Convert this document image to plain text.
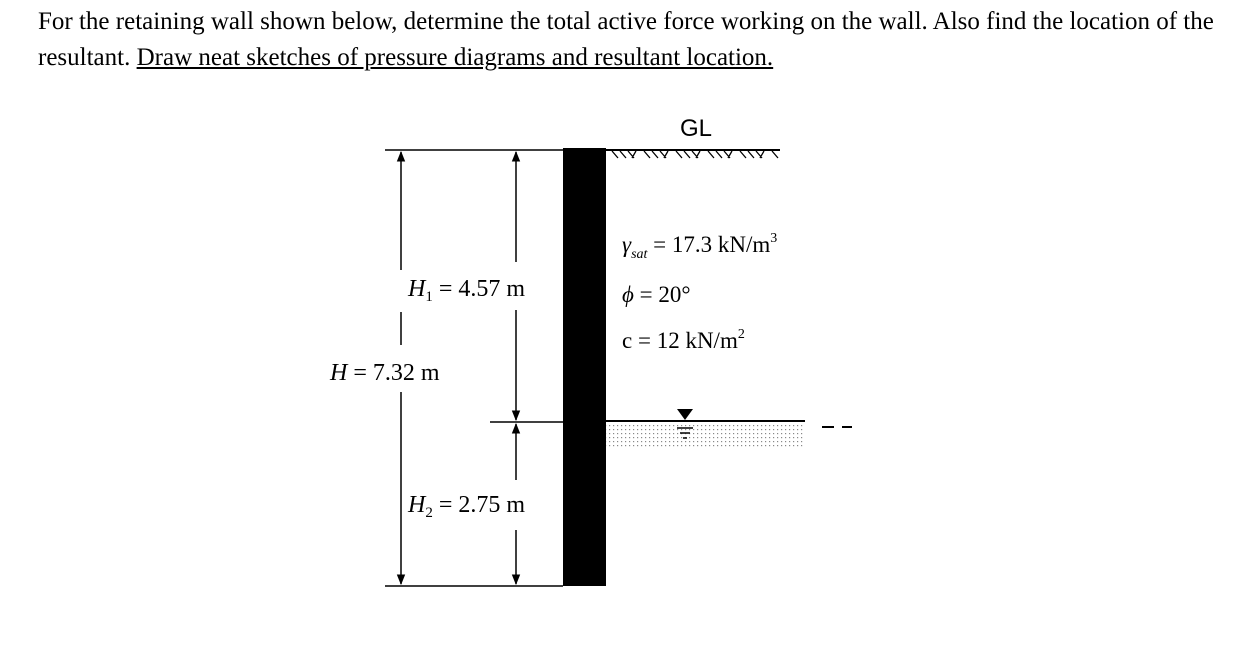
For the retaining wall shown below, determine the total active force working on the wall. Also find the location of the resultant. Draw neat sketches of pressure diagrams and resultant location.
GL
H = 7.32 m
$H_1 = 4.57$ m
$H_2 = 2.75$ m
$\gamma_{sat} = 17.3$ $kN/m^3$
ϕ = 20°
c = 12 $kN/m^2$
